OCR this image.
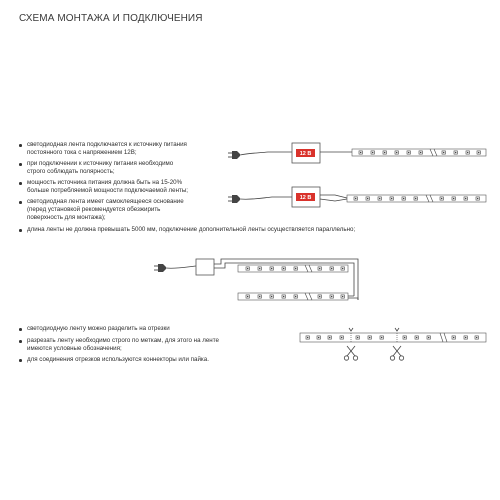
СХЕМА МОНТАЖА И ПОДКЛЮЧЕНИЯ
светодиодная лента подключается к источнику питания
постоянного тока с напряжением 12В;
при подключении к источнику питания необходимо
строго соблюдать полярность;
мощность источника питания должна быть на 15-20%
больше потребляемой мощности подключаемой ленты;
светодиодная лента имеет самоклеящееся основание
(перед установкой рекомендуется обезжирить
поверхность для монтажа);
длина ленты не должна превышать 5000 мм, подключение дополнительной ленты осуществляется параллельно;
светодиодную ленту можно разделить на отрезки
разрезать ленту необходимо строго по меткам, для этого на ленте
имеются условные обозначения;
для соединения отрезков используются коннекторы или пайка.
12 В
12 В
